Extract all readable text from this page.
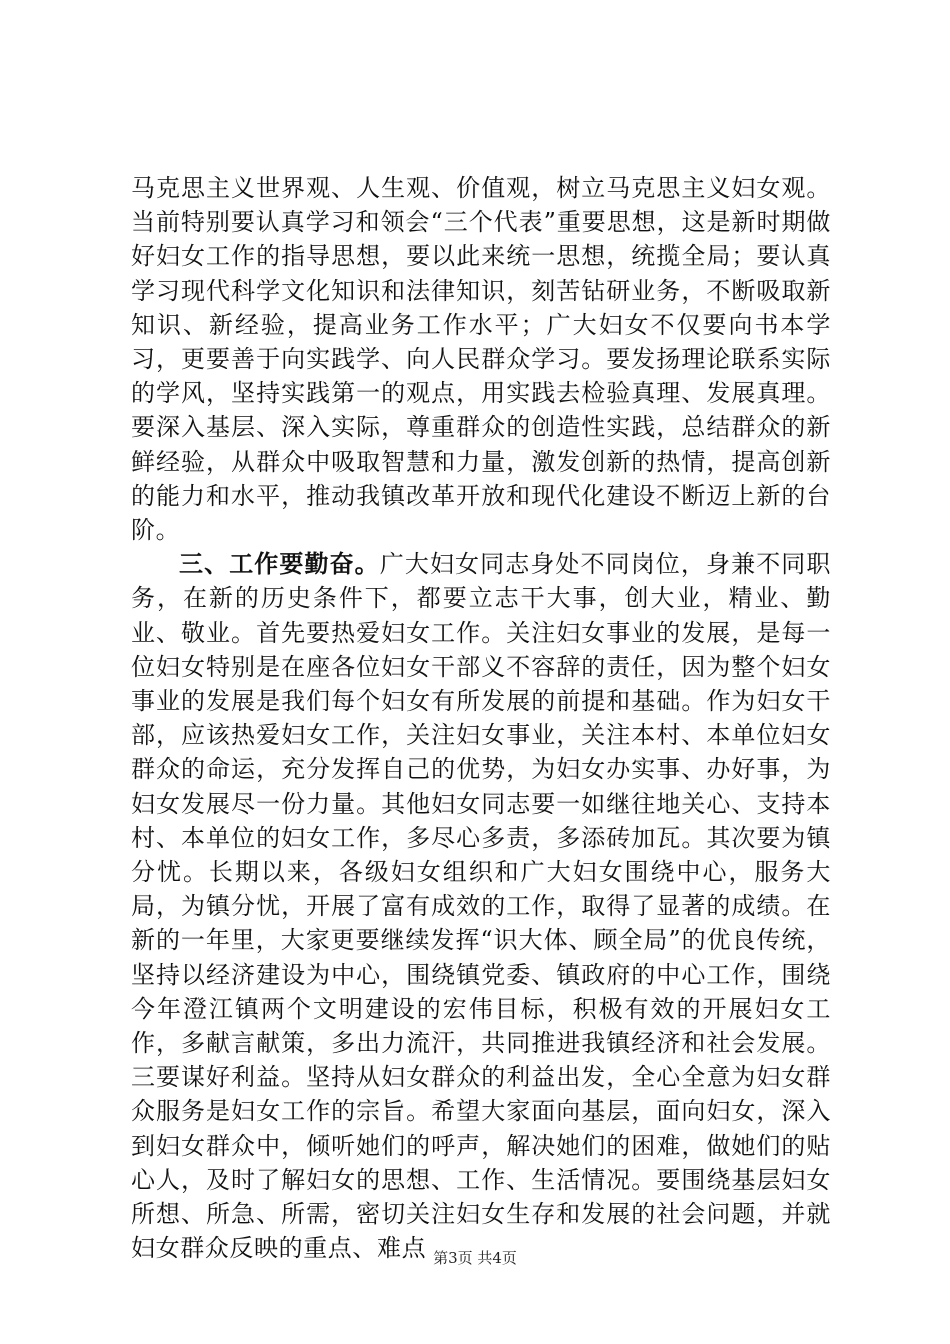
马克思主义世界观、人生观、价值观，树立马克思主义妇女观。当前特别要认真学习和领会“三个代表”重要思想，这是新时期做好妇女工作的指导思想，要以此来统一思想，统揽全局；要认真学习现代科学文化知识和法律知识，刻苦钻研业务，不断吸取新知识、新经验，提高业务工作水平；广大妇女不仅要向书本学习，更要善于向实践学、向人民群众学习。要发扬理论联系实际的学风，坚持实践第一的观点，用实践去检验真理、发展真理。要深入基层、深入实际，尊重群众的创造性实践，总结群众的新鲜经验，从群众中吸取智慧和力量，激发创新的热情，提高创新的能力和水平，推动我镇改革开放和现代化建设不断迈上新的台阶。

三、工作要勤奋。广大妇女同志身处不同岗位，身兼不同职务，在新的历史条件下，都要立志干大事，创大业，精业、勤业、敬业。首先要热爱妇女工作。关注妇女事业的发展，是每一位妇女特别是在座各位妇女干部义不容辞的责任，因为整个妇女事业的发展是我们每个妇女有所发展的前提和基础。作为妇女干部，应该热爱妇女工作，关注妇女事业，关注本村、本单位妇女群众的命运，充分发挥自己的优势，为妇女办实事、办好事，为妇女发展尽一份力量。其他妇女同志要一如继往地关心、支持本村、本单位的妇女工作，多尽心多责，多添砖加瓦。其次要为镇分忧。长期以来，各级妇女组织和广大妇女围绕中心，服务大局，为镇分忧，开展了富有成效的工作，取得了显著的成绩。在新的一年里，大家更要继续发挥“识大体、顾全局”的优良传统，坚持以经济建设为中心，围绕镇党委、镇政府的中心工作，围绕今年澄江镇两个文明建设的宏伟目标，积极有效的开展妇女工作，多献言献策，多出力流汗，共同推进我镇经济和社会发展。三要谋好利益。坚持从妇女群众的利益出发，全心全意为妇女群众服务是妇女工作的宗旨。希望大家面向基层，面向妇女，深入到妇女群众中，倾听她们的呼声，解决她们的困难，做她们的贴心人，及时了解妇女的思想、工作、生活情况。要围绕基层妇女所想、所急、所需，密切关注妇女生存和发展的社会问题，并就妇女群众反映的重点、难点 第3页 共4页
